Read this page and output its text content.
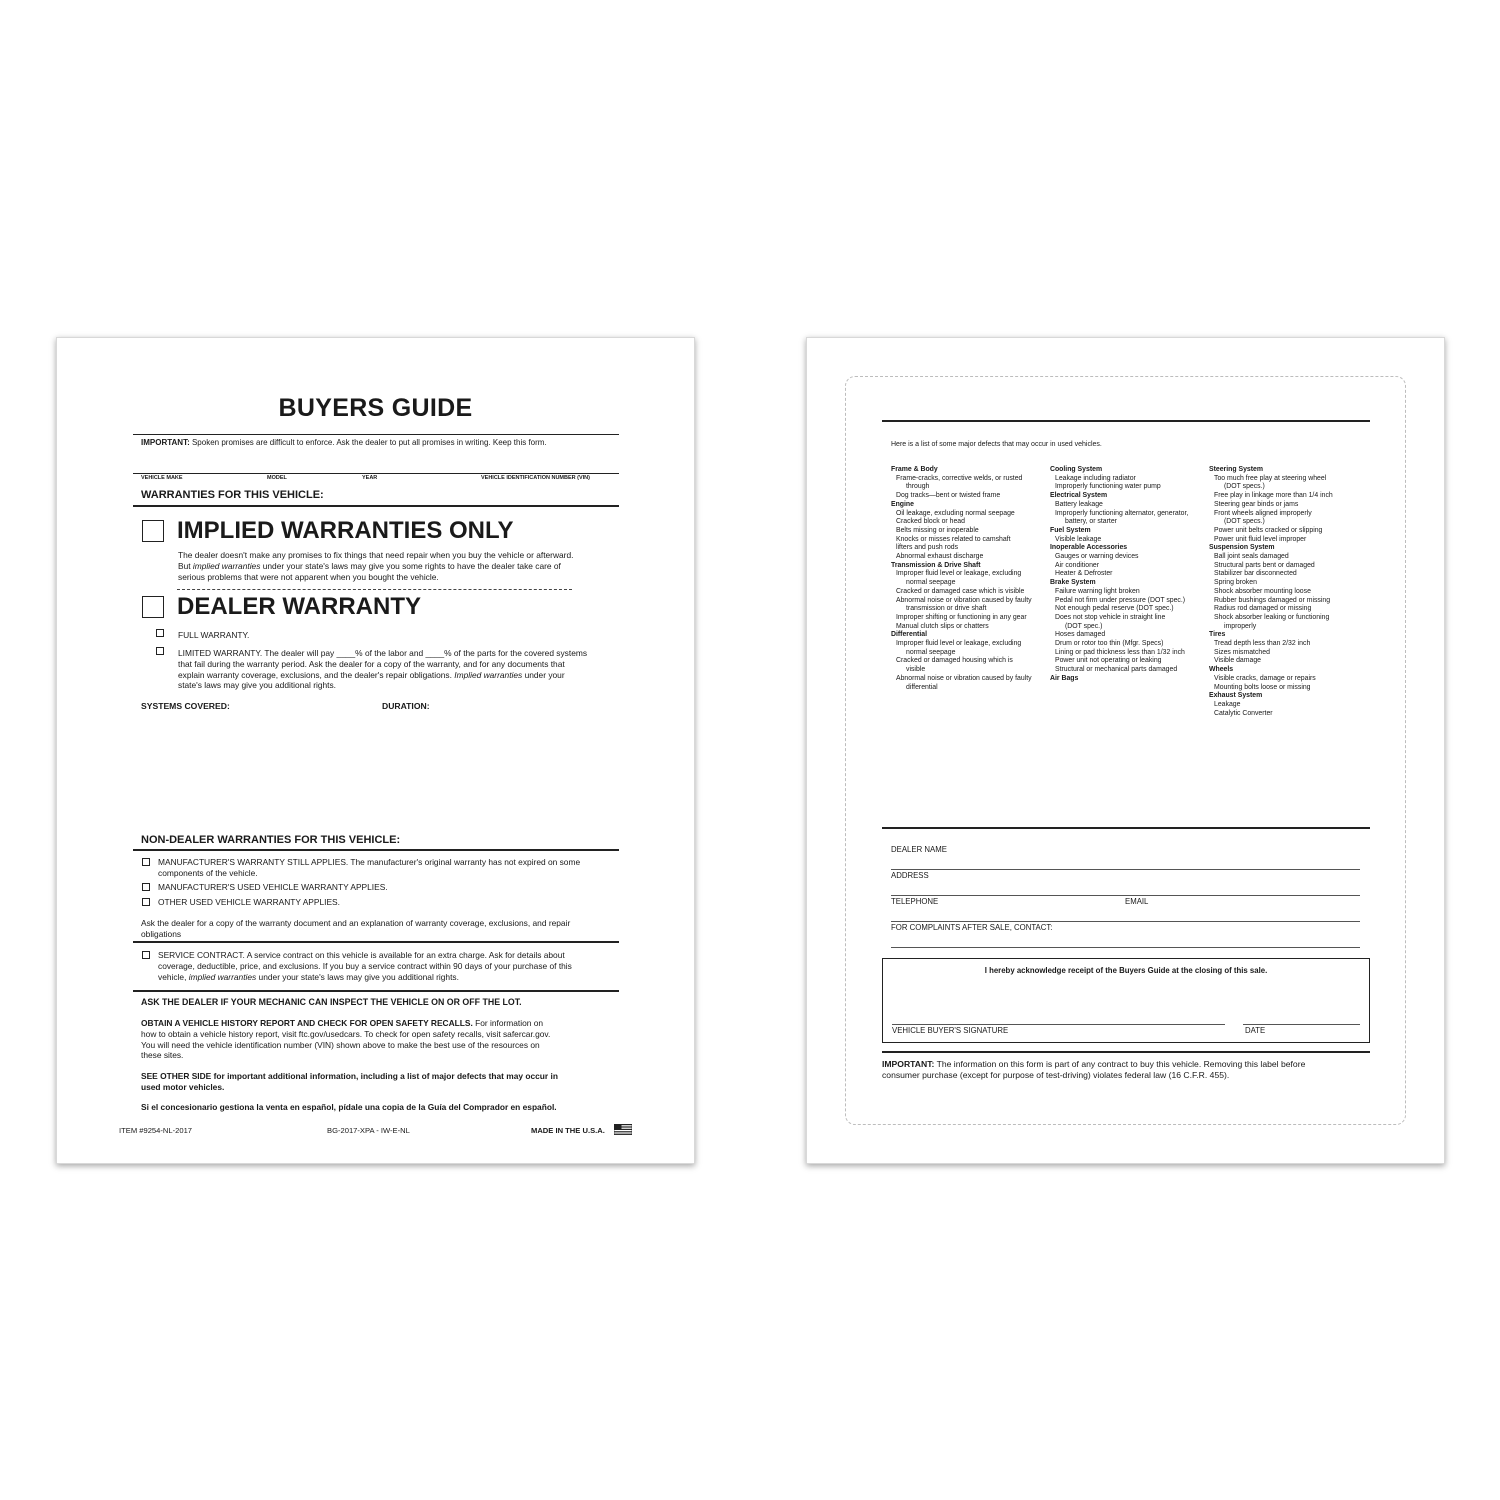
BUYERS GUIDE
IMPORTANT: Spoken promises are difficult to enforce. Ask the dealer to put all promises in writing. Keep this form.
VEHICLE MAKE	MODEL	YEAR	VEHICLE IDENTIFICATION NUMBER (VIN)
WARRANTIES FOR THIS VEHICLE:
IMPLIED WARRANTIES ONLY
The dealer doesn't make any promises to fix things that need repair when you buy the vehicle or afterward.
But implied warranties under your state's laws may give you some rights to have the dealer take care of
serious problems that were not apparent when you bought the vehicle.
DEALER WARRANTY
FULL WARRANTY.
LIMITED WARRANTY. The dealer will pay ____% of the labor and ____% of the parts for the covered systems
that fail during the warranty period. Ask the dealer for a copy of the warranty, and for any documents that
explain warranty coverage, exclusions, and the dealer's repair obligations. Implied warranties under your
state's laws may give you additional rights.
SYSTEMS COVERED:	DURATION:
NON-DEALER WARRANTIES FOR THIS VEHICLE:
MANUFACTURER'S WARRANTY STILL APPLIES. The manufacturer's original warranty has not expired on some
components of the vehicle.
MANUFACTURER'S USED VEHICLE WARRANTY APPLIES.
OTHER USED VEHICLE WARRANTY APPLIES.
Ask the dealer for a copy of the warranty document and an explanation of warranty coverage, exclusions, and repair
obligations
SERVICE CONTRACT. A service contract on this vehicle is available for an extra charge. Ask for details about
coverage, deductible, price, and exclusions. If you buy a service contract within 90 days of your purchase of this
vehicle, implied warranties under your state's laws may give you additional rights.
ASK THE DEALER IF YOUR MECHANIC CAN INSPECT THE VEHICLE ON OR OFF THE LOT.
OBTAIN A VEHICLE HISTORY REPORT AND CHECK FOR OPEN SAFETY RECALLS. For information on
how to obtain a vehicle history report, visit ftc.gov/usedcars. To check for open safety recalls, visit safercar.gov.
You will need the vehicle identification number (VIN) shown above to make the best use of the resources on
these sites.
SEE OTHER SIDE for important additional information, including a list of major defects that may occur in
used motor vehicles.
Si el concesionario gestiona la venta en español, pídale una copia de la Guía del Comprador en español.
ITEM #9254-NL-2017	BG-2017-XPA - IW-E-NL	MADE IN THE U.S.A.
Here is a list of some major defects that may occur in used vehicles.
Frame & Body
Frame-cracks, corrective welds, or rusted
through
Dog tracks—bent or twisted frame
Engine
Oil leakage, excluding normal seepage
Cracked block or head
Belts missing or inoperable
Knocks or misses related to camshaft
lifters and push rods
Abnormal exhaust discharge
Transmission & Drive Shaft
Improper fluid level or leakage, excluding
normal seepage
Cracked or damaged case which is visible
Abnormal noise or vibration caused by faulty
transmission or drive shaft
Improper shifting or functioning in any gear
Manual clutch slips or chatters
Differential
Improper fluid level or leakage, excluding
normal seepage
Cracked or damaged housing which is
visible
Abnormal noise or vibration caused by faulty
differential
Cooling System
Leakage including radiator
Improperly functioning water pump
Electrical System
Battery leakage
Improperly functioning alternator, generator,
battery, or starter
Fuel System
Visible leakage
Inoperable Accessories
Gauges or warning devices
Air conditioner
Heater & Defroster
Brake System
Failure warning light broken
Pedal not firm under pressure (DOT spec.)
Not enough pedal reserve (DOT spec.)
Does not stop vehicle in straight line
(DOT spec.)
Hoses damaged
Drum or rotor too thin (Mfgr. Specs)
Lining or pad thickness less than 1/32 inch
Power unit not operating or leaking
Structural or mechanical parts damaged
Air Bags
Steering System
Too much free play at steering wheel
(DOT specs.)
Free play in linkage more than 1/4 inch
Steering gear binds or jams
Front wheels aligned improperly
(DOT specs.)
Power unit belts cracked or slipping
Power unit fluid level improper
Suspension System
Ball joint seals damaged
Structural parts bent or damaged
Stabilizer bar disconnected
Spring broken
Shock absorber mounting loose
Rubber bushings damaged or missing
Radius rod damaged or missing
Shock absorber leaking or functioning
improperly
Tires
Tread depth less than 2/32 inch
Sizes mismatched
Visible damage
Wheels
Visible cracks, damage or repairs
Mounting bolts loose or missing
Exhaust System
Leakage
Catalytic Converter
DEALER NAME
ADDRESS
TELEPHONE	EMAIL
FOR COMPLAINTS AFTER SALE, CONTACT:
I hereby acknowledge receipt of the Buyers Guide at the closing of this sale.
VEHICLE BUYER'S SIGNATURE	DATE
IMPORTANT: The information on this form is part of any contract to buy this vehicle. Removing this label before
consumer purchase (except for purpose of test-driving) violates federal law (16 C.F.R. 455).
